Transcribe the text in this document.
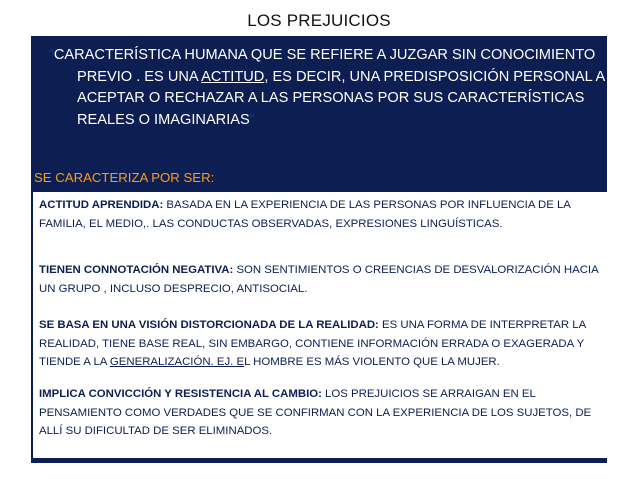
LOS PREJUICIOS
“CARACTERÍSTICA HUMANA QUE SE REFIERE A JUZGAR SIN CONOCIMIENTO PREVIO . ES UNA ACTITUD, ES DECIR, UNA PREDISPOSICIÓN PERSONAL A ACEPTAR O RECHAZAR A LAS PERSONAS POR SUS CARACTERÍSTICAS REALES O IMAGINARIAS”
SE CARACTERIZA POR SER:
ACTITUD APRENDIDA: BASADA EN LA EXPERIENCIA DE LAS PERSONAS POR INFLUENCIA DE LA FAMILIA, EL MEDIO,. LAS CONDUCTAS OBSERVADAS, EXPRESIONES LINGUÍSTICAS.
TIENEN CONNOTACIÓN NEGATIVA: SON SENTIMIENTOS O CREENCIAS DE DESVALORIZACIÓN HACIA UN GRUPO , INCLUSO DESPRECIO, ANTISOCIAL.
SE BASA EN UNA VISIÓN DISTORCIONADA DE LA REALIDAD: ES UNA FORMA DE INTERPRETAR LA REALIDAD, TIENE BASE REAL, SIN EMBARGO, CONTIENE INFORMACIÓN ERRADA O EXAGERADA Y TIENDE A LA GENERALIZACIÓN. EJ. EL HOMBRE ES MÁS VIOLENTO QUE LA MUJER.
IMPLICA CONVICCIÓN Y RESISTENCIA AL CAMBIO: LOS PREJUICIOS SE ARRAIGAN EN EL PENSAMIENTO COMO VERDADES QUE SE CONFIRMAN CON LA EXPERIENCIA DE LOS SUJETOS, DE ALLÍ SU DIFICULTAD DE SER ELIMINADOS.
